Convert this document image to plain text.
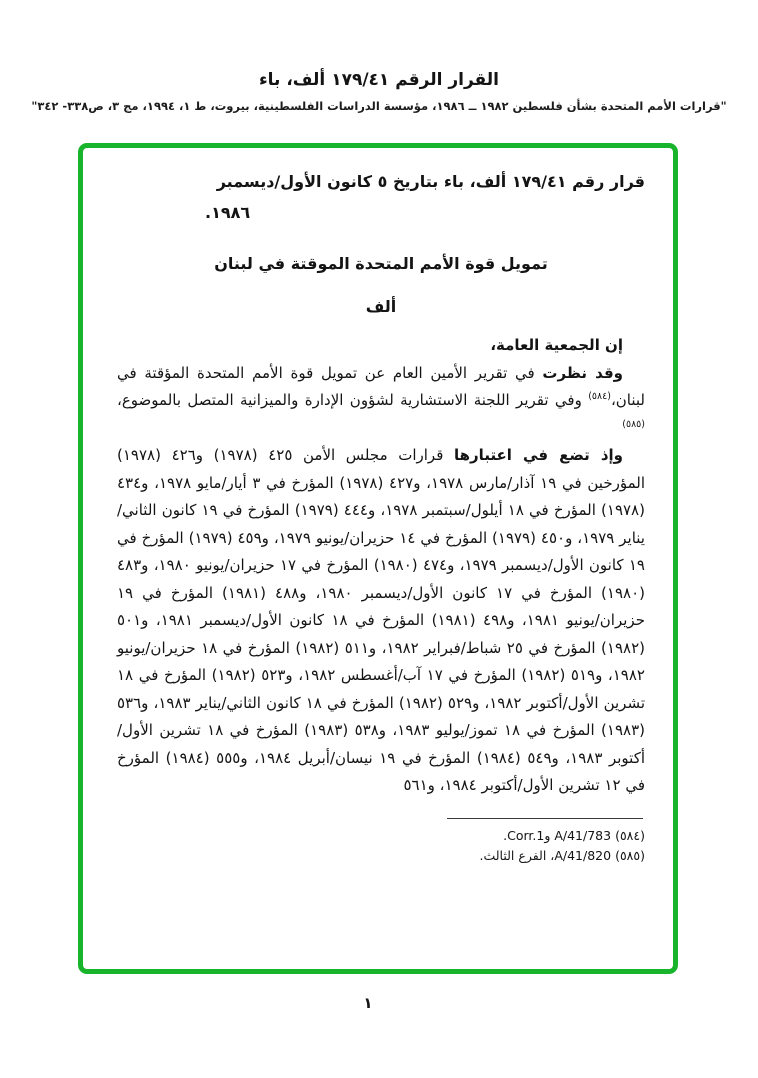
القرار الرقم ١٧٩/٤١ ألف، باء
"قرارات الأمم المتحدة بشأن فلسطين ١٩٨٢ ــ ١٩٨٦، مؤسسة الدراسات الفلسطينية، بيروت، ط ١، ١٩٩٤، مج ٣، ص٣٣٨- ٣٤٢"
قرار رقم ١٧٩/٤١ ألف، باء بتاريخ ٥ كانون الأول/ديسمبر
١٩٨٦.
تمويل قوة الأمم المتحدة الموقتة في لبنان
ألف

إن الجمعية العامة،

وقد نظرت في تقرير الأمين العام عن تمويل قوة الأمم المتحدة المؤقتة في لبنان،$^{(٥٨٤)}$ وفي تقرير اللجنة الاستشارية لشؤون الإدارة والميزانية المتصل بالموضوع،$^{(٥٨٥)}$

وإذ تضع في اعتبارها قرارات مجلس الأمن ٤٢٥ (١٩٧٨) و٤٢٦ (١٩٧٨) المؤرخين في ١٩ آذار/مارس ١٩٧٨، و٤٢٧ (١٩٧٨) المؤرخ في ٣ أيار/مايو ١٩٧٨، و٤٣٤ (١٩٧٨) المؤرخ في ١٨ أيلول/سبتمبر ١٩٧٨، و٤٤٤ (١٩٧٩) المؤرخ في ١٩ كانون الثاني/يناير ١٩٧٩، و٤٥٠ (١٩٧٩) المؤرخ في ١٤ حزيران/يونيو ١٩٧٩، و٤٥٩ (١٩٧٩) المؤرخ في ١٩ كانون الأول/ديسمبر ١٩٧٩، و٤٧٤ (١٩٨٠) المؤرخ في ١٧ حزيران/يونيو ١٩٨٠، و٤٨٣ (١٩٨٠) المؤرخ في ١٧ كانون الأول/ديسمبر ١٩٨٠، و٤٨٨ (١٩٨١) المؤرخ في ١٩ حزيران/يونيو ١٩٨١، و٤٩٨ (١٩٨١) المؤرخ في ١٨ كانون الأول/ديسمبر ١٩٨١، و٥٠١ (١٩٨٢) المؤرخ في ٢٥ شباط/فبراير ١٩٨٢، و٥١١ (١٩٨٢) المؤرخ في ١٨ حزيران/يونيو ١٩٨٢، و٥١٩ (١٩٨٢) المؤرخ في ١٧ آب/أغسطس ١٩٨٢، و٥٢٣ (١٩٨٢) المؤرخ في ١٨ تشرين الأول/أكتوبر ١٩٨٢، و٥٢٩ (١٩٨٢) المؤرخ في ١٨ كانون الثاني/يناير ١٩٨٣، و٥٣٦ (١٩٨٣) المؤرخ في ١٨ تموز/يوليو ١٩٨٣، و٥٣٨ (١٩٨٣) المؤرخ في ١٨ تشرين الأول/أكتوبر ١٩٨٣، و٥٤٩ (١٩٨٤) المؤرخ في ١٩ نيسان/أبريل ١٩٨٤، و٥٥٥ (١٩٨٤) المؤرخ في ١٢ تشرين الأول/أكتوبر ١٩٨٤، و٥٦١

(٥٨٤) A/41/783 وCorr.1.
(٥٨٥) A/41/820، الفرع الثالث.
١
